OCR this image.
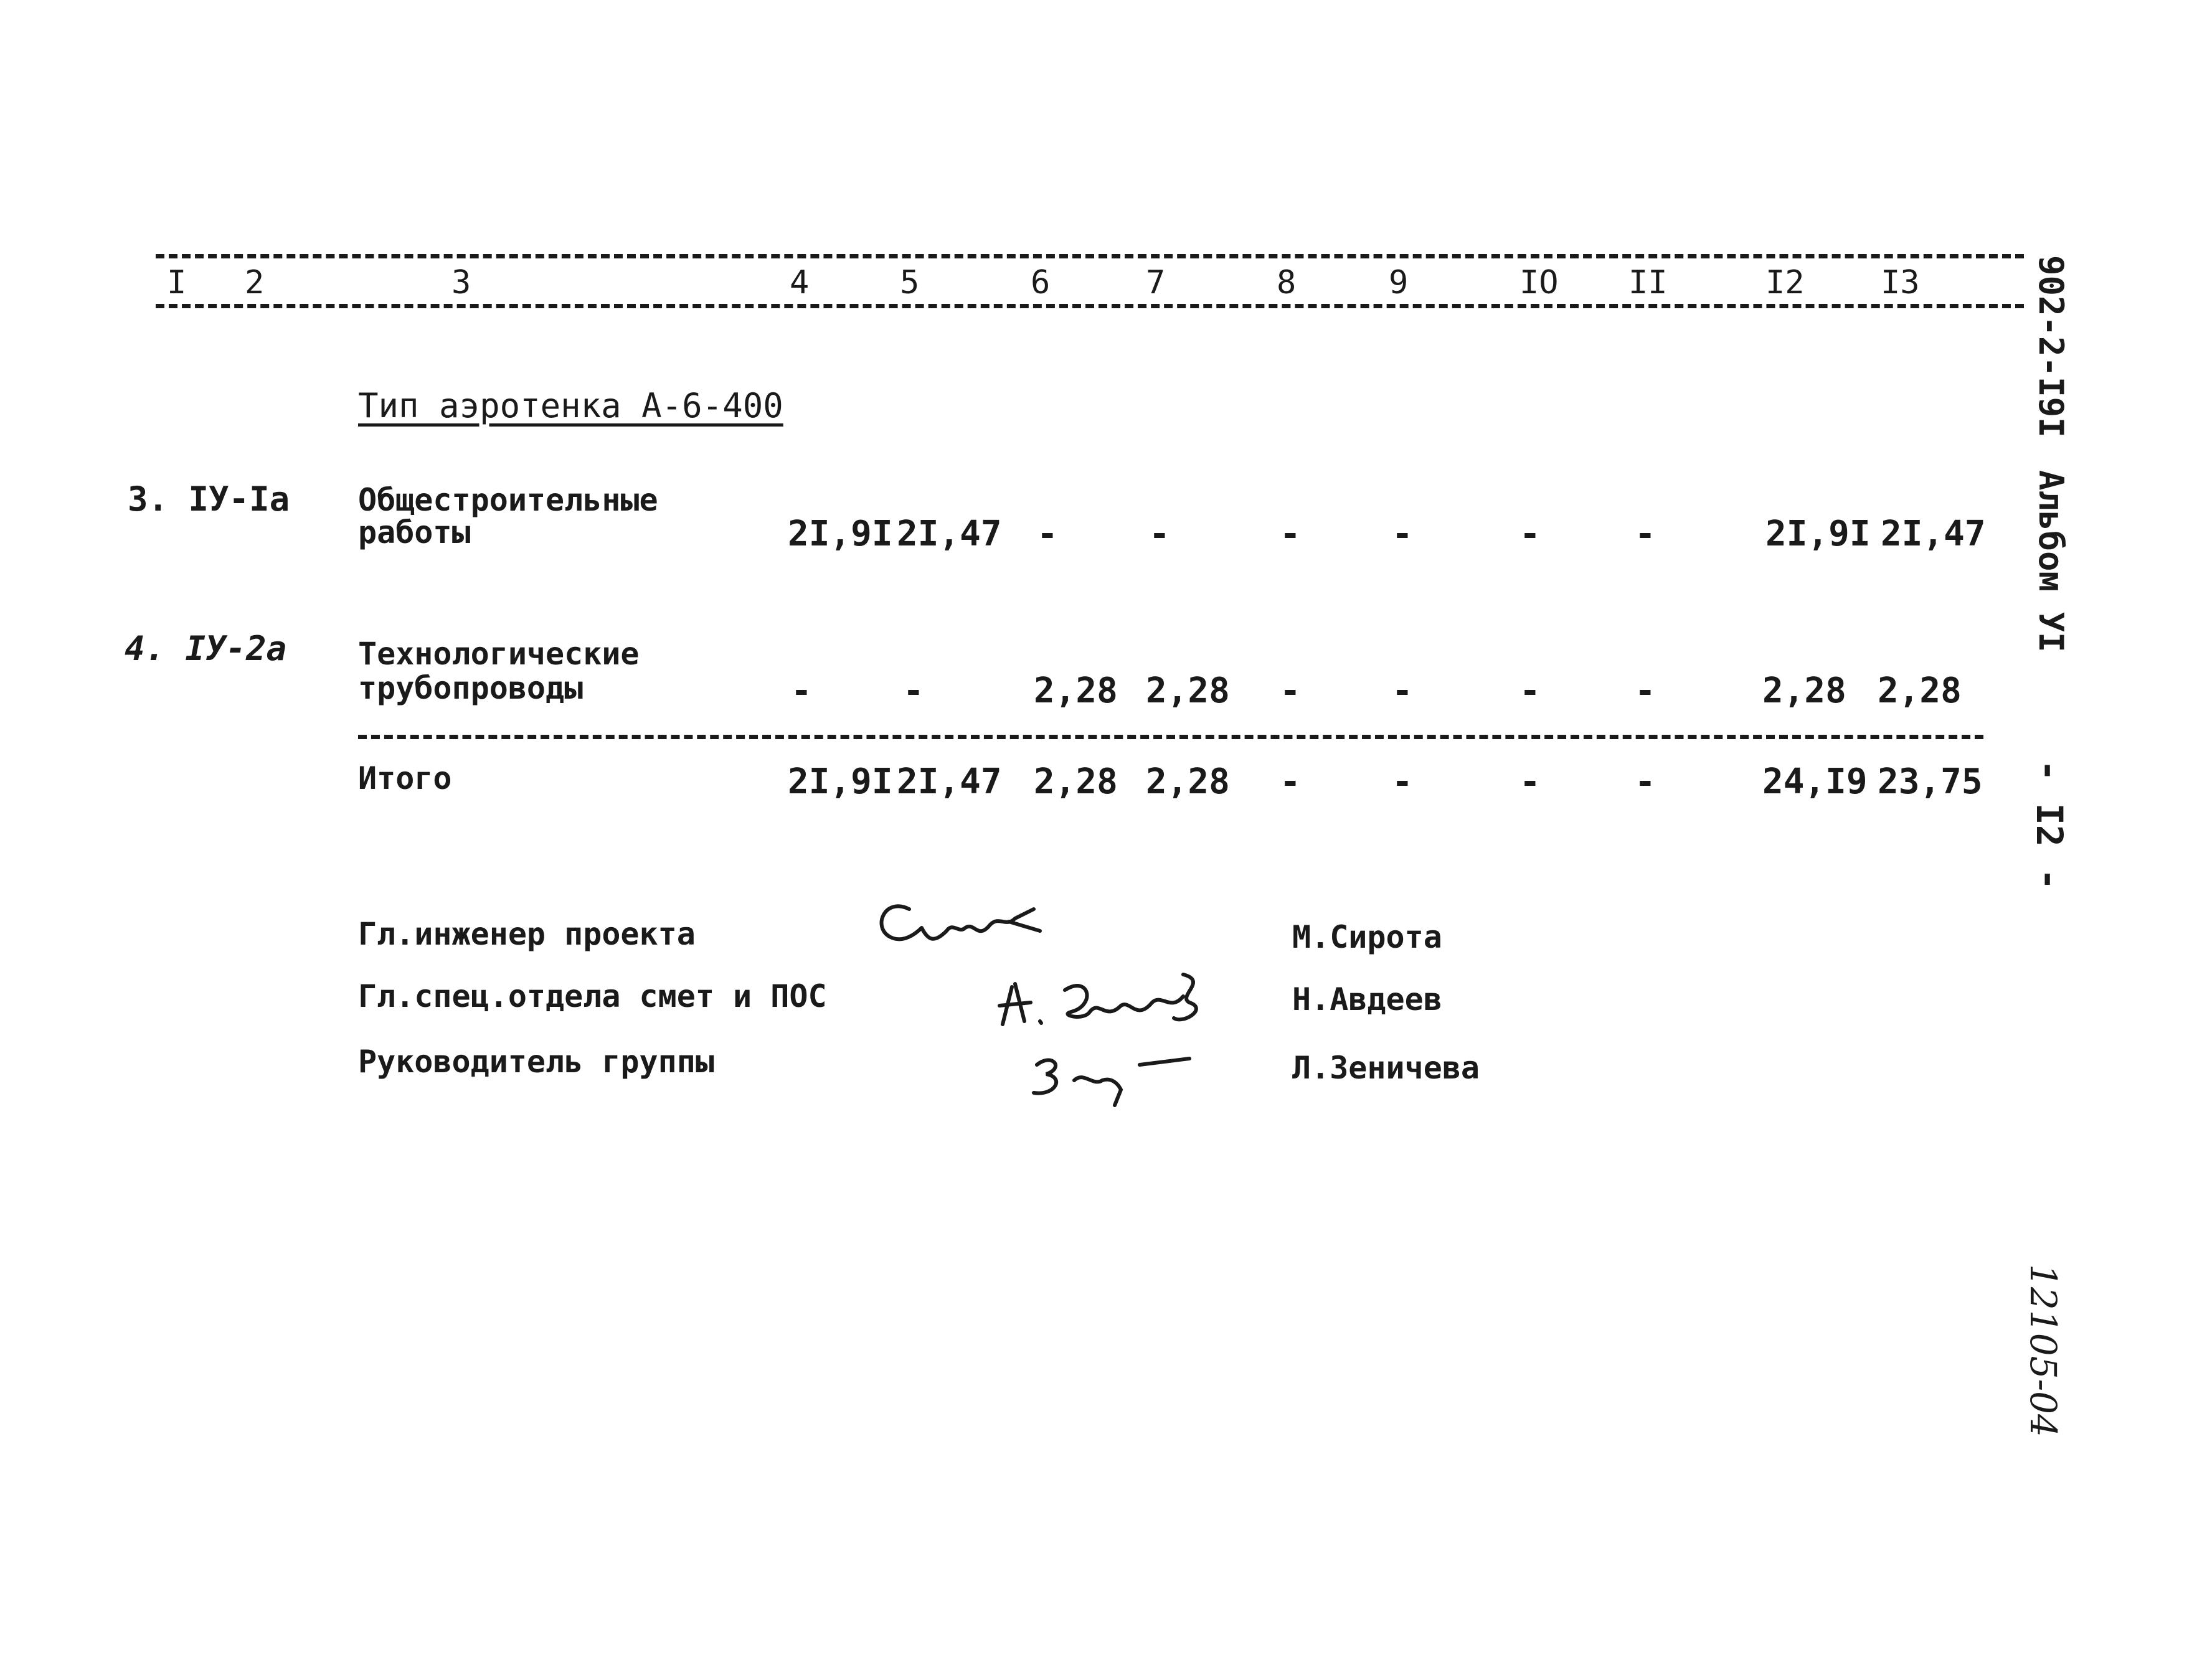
I 2	3	4	5	6	7	8	9	IO II	I2 I3
Тип аэротенка А-6-400
3. IУ-Iа Общестроительные
работы	2I,9I 2I,47 -	-	-	-	-	-	2I,9I 2I,47
4. IУ-2а Технологические
трубопроводы	-	-	2,28 2,28 -	-	-	-	2,28 2,28
Итого	2I,9I 2I,47 2,28 2,28 -	-	-	-	24,I9 23,75
Гл.инженер проекта	М.Сирота
Гл.спец.отдела смет и ПОС	Н.Авдеев
Руководитель группы	Л.Зеничева
902-2-I9I
Альбом УI
- I2 -
12105-04
